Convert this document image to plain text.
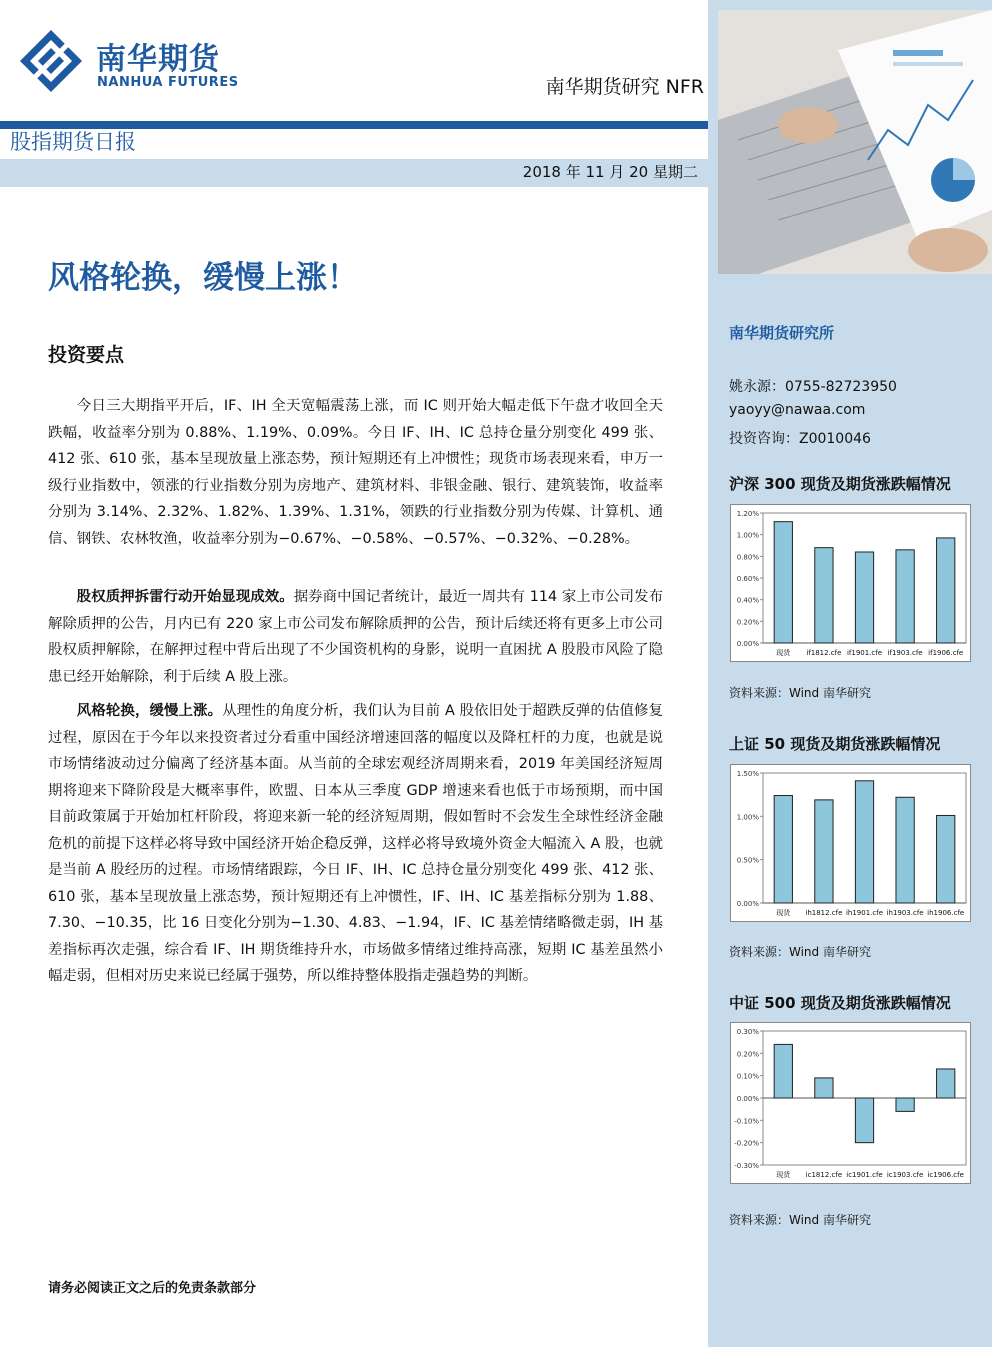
南华期货
NANHUA FUTURES	南华期货研究 NFR
股指期货日报
2018 年 11 月 20 星期二
风格轮换，缓慢上涨！
投资要点
今日三大期指平开后，IF、IH 全天宽幅震荡上涨，而 IC 则开始大幅走低下午盘才收回全天跌幅，收益率分别为 0.88%、1.19%、0.09%。今日 IF、IH、IC 总持仓量分别变化 499 张、412 张、610 张，基本呈现放量上涨态势，预计短期还有上冲惯性；现货市场表现来看，申万一级行业指数中，领涨的行业指数分别为房地产、建筑材料、非银金融、银行、建筑装饰，收益率分别为 3.14%、2.32%、1.82%、1.39%、1.31%，领跌的行业指数分别为传媒、计算机、通信、钢铁、农林牧渔，收益率分别为−0.67%、−0.58%、−0.57%、−0.32%、−0.28%。
股权质押拆雷行动开始显现成效。据券商中国记者统计，最近一周共有 114 家上市公司发布解除质押的公告，月内已有 220 家上市公司发布解除质押的公告，预计后续还将有更多上市公司股权质押解除，在解押过程中背后出现了不少国资机构的身影，说明一直困扰 A 股股市风险了隐患已经开始解除，利于后续 A 股上涨。
风格轮换，缓慢上涨。从理性的角度分析，我们认为目前 A 股依旧处于超跌反弹的估值修复过程，原因在于今年以来投资者过分看重中国经济增速回落的幅度以及降杠杆的力度，也就是说市场情绪波动过分偏离了经济基本面。从当前的全球宏观经济周期来看，2019 年美国经济短周期将迎来下降阶段是大概率事件，欧盟、日本从三季度 GDP 增速来看也低于市场预期，而中国目前政策属于开始加杠杆阶段，将迎来新一轮的经济短周期，假如暂时不会发生全球性经济金融危机的前提下这样必将导致中国经济开始企稳反弹，这样必将导致境外资金大幅流入 A 股，也就是当前 A 股经历的过程。市场情绪跟踪，今日 IF、IH、IC 总持仓量分别变化 499 张、412 张、610 张，基本呈现放量上涨态势，预计短期还有上冲惯性，IF、IH、IC 基差指标分别为 1.88、7.30、−10.35，比 16 日变化分别为−1.30、4.83、−1.94，IF、IC 基差情绪略微走弱，IH 基差指标再次走强，综合看 IF、IH 期货维持升水，市场做多情绪过维持高涨，短期 IC 基差虽然小幅走弱，但相对历史来说已经属于强势，所以维持整体股指走强趋势的判断。
请务必阅读正文之后的免责条款部分
南华期货研究所
姚永源：0755-82723950
yaoyy@nawaa.com
投资咨询：Z0010046
沪深 300 现货及期货涨跌幅情况
0.00%
0.20%
0.40%
0.60%
0.80%
1.00%
1.20%
现货 if1812.cfe if1901.cfe if1903.cfe if1906.cfe
资料来源：Wind 南华研究
上证 50 现货及期货涨跌幅情况
0.00%
0.50%
1.00%
1.50%
现货 ih1812.cfe ih1901.cfe ih1903.cfe ih1906.cfe
资料来源：Wind 南华研究
中证 500 现货及期货涨跌幅情况
-0.30%
-0.20%
-0.10%
0.00%
0.10%
0.20%
0.30%
现货 ic1812.cfe ic1901.cfe ic1903.cfe ic1906.cfe
资料来源：Wind 南华研究
